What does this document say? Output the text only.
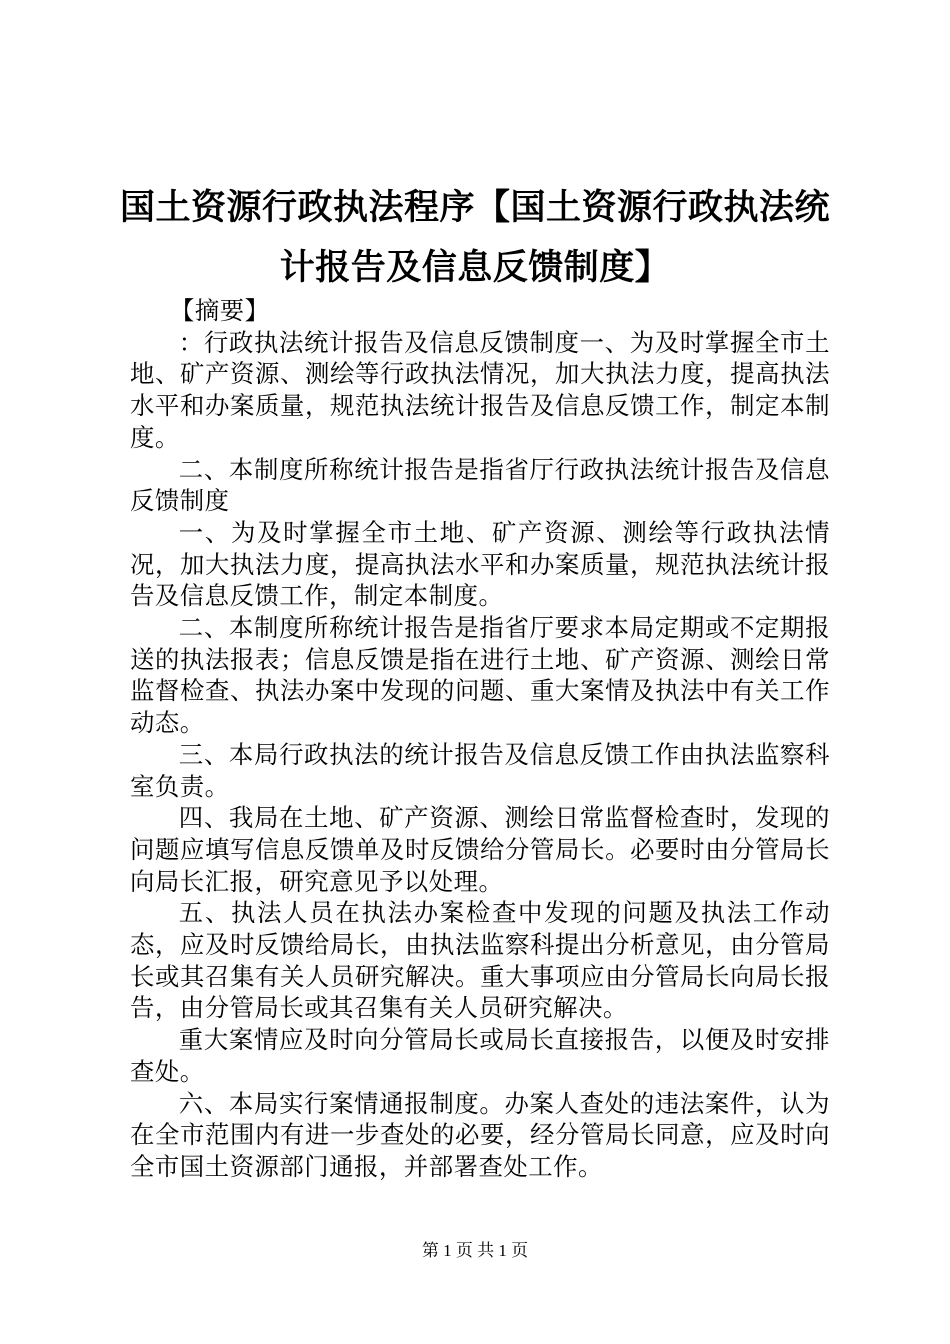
国土资源行政执法程序【国土资源行政执法统
计报告及信息反馈制度】

【摘要】

：行政执法统计报告及信息反馈制度一、为及时掌握全市土地、矿产资源、测绘等行政执法情况，加大执法力度，提高执法水平和办案质量，规范执法统计报告及信息反馈工作，制定本制度。

二、本制度所称统计报告是指省厅行政执法统计报告及信息反馈制度

一、为及时掌握全市土地、矿产资源、测绘等行政执法情况，加大执法力度，提高执法水平和办案质量，规范执法统计报告及信息反馈工作，制定本制度。

二、本制度所称统计报告是指省厅要求本局定期或不定期报送的执法报表；信息反馈是指在进行土地、矿产资源、测绘日常监督检查、执法办案中发现的问题、重大案情及执法中有关工作动态。

三、本局行政执法的统计报告及信息反馈工作由执法监察科室负责。

四、我局在土地、矿产资源、测绘日常监督检查时，发现的问题应填写信息反馈单及时反馈给分管局长。必要时由分管局长向局长汇报，研究意见予以处理。

五、执法人员在执法办案检查中发现的问题及执法工作动态，应及时反馈给局长，由执法监察科提出分析意见，由分管局长或其召集有关人员研究解决。重大事项应由分管局长向局长报告，由分管局长或其召集有关人员研究解决。

重大案情应及时向分管局长或局长直接报告，以便及时安排查处。

六、本局实行案情通报制度。办案人查处的违法案件，认为在全市范围内有进一步查处的必要，经分管局长同意，应及时向全市国土资源部门通报，并部署查处工作。

第 1 页 共 1 页
